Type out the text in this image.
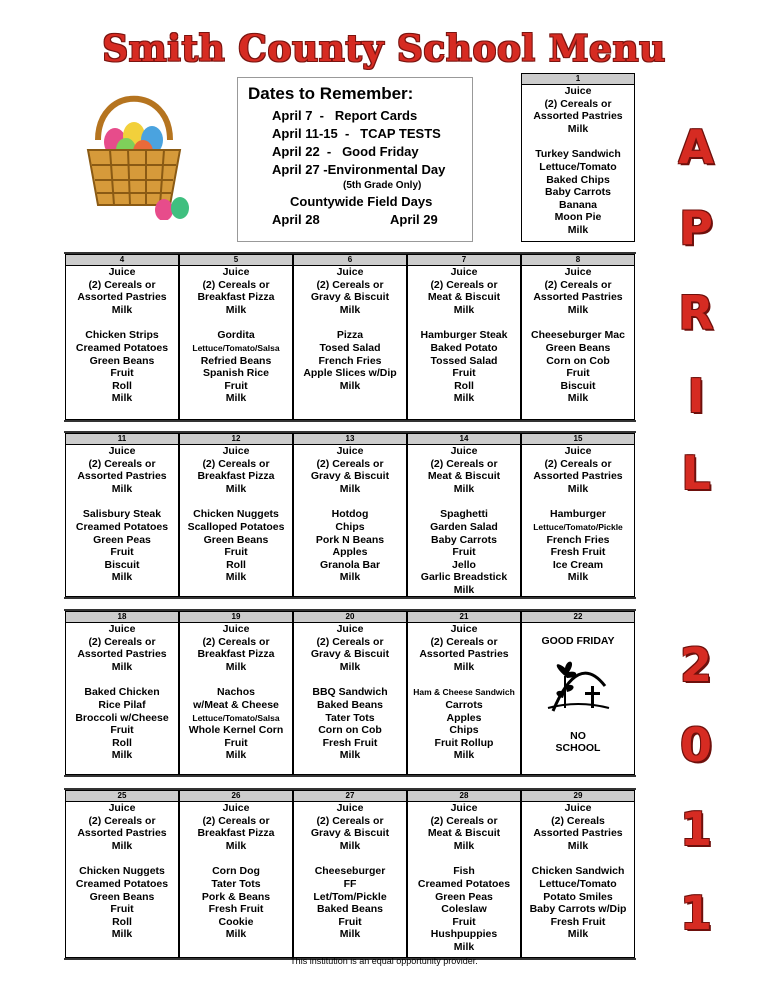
Smith County School Menu
Dates to Remember:
April 7  -   Report Cards
April 11-15  -   TCAP TESTS
April 22  -   Good Friday
April 27 -Environmental Day
(5th Grade Only)
Countywide Field Days
April 28	April 29
A
P
R
I
L
2
0
1
1
1
Juice
(2) Cereals or
Assorted Pastries
Milk
Turkey Sandwich
Lettuce/Tomato
Baked Chips
Baby Carrots
Banana
Moon Pie
Milk
4
Juice
(2) Cereals or
Assorted Pastries
Milk
Chicken Strips
Creamed Potatoes
Green Beans
Fruit
Roll
Milk
5
Juice
(2) Cereals or
Breakfast Pizza
Milk
Gordita
Lettuce/Tomato/Salsa
Refried Beans
Spanish Rice
Fruit
Milk
6
Juice
(2) Cereals or
Gravy & Biscuit
Milk
Pizza
Tosed Salad
French Fries
Apple Slices w/Dip
Milk
7
Juice
(2) Cereals or
Meat & Biscuit
Milk
Hamburger Steak
Baked Potato
Tossed Salad
Fruit
Roll
Milk
8
Juice
(2) Cereals or
Assorted Pastries
Milk
Cheeseburger Mac
Green Beans
Corn on Cob
Fruit
Biscuit
Milk
11
Juice
(2) Cereals or
Assorted Pastries
Milk
Salisbury Steak
Creamed Potatoes
Green Peas
Fruit
Biscuit
Milk
12
Juice
(2) Cereals or
Breakfast Pizza
Milk
Chicken Nuggets
Scalloped Potatoes
Green Beans
Fruit
Roll
Milk
13
Juice
(2) Cereals or
Gravy & Biscuit
Milk
Hotdog
Chips
Pork N Beans
Apples
Granola Bar
Milk
14
Juice
(2) Cereals or
Meat & Biscuit
Milk
Spaghetti
Garden Salad
Baby Carrots
Fruit
Jello
Garlic Breadstick
Milk
15
Juice
(2) Cereals or
Assorted Pastries
Milk
Hamburger
Lettuce/Tomato/Pickle
French Fries
Fresh Fruit
Ice Cream
Milk
18
Juice
(2) Cereals or
Assorted Pastries
Milk
Baked Chicken
Rice Pilaf
Broccoli w/Cheese
Fruit
Roll
Milk
19
Juice
(2) Cereals or
Breakfast Pizza
Milk
Nachos
w/Meat & Cheese
Lettuce/Tomato/Salsa
Whole Kernel Corn
Fruit
Milk
20
Juice
(2) Cereals or
Gravy & Biscuit
Milk
BBQ Sandwich
Baked Beans
Tater Tots
Corn on Cob
Fresh Fruit
Milk
21
Juice
(2) Cereals or
Assorted Pastries
Milk
Ham & Cheese Sandwich
Carrots
Apples
Chips
Fruit Rollup
Milk
22
GOOD FRIDAY
NO
SCHOOL
25
Juice
(2) Cereals or
Assorted Pastries
Milk
Chicken Nuggets
Creamed Potatoes
Green Beans
Fruit
Roll
Milk
26
Juice
(2) Cereals or
Breakfast Pizza
Milk
Corn Dog
Tater Tots
Pork & Beans
Fresh Fruit
Cookie
Milk
27
Juice
(2) Cereals or
Gravy & Biscuit
Milk
Cheeseburger
FF
Let/Tom/Pickle
Baked Beans
Fruit
Milk
28
Juice
(2) Cereals or
Meat & Biscuit
Milk
Fish
Creamed Potatoes
Green Peas
Coleslaw
Fruit
Hushpuppies
Milk
29
Juice
(2) Cereals
Assorted Pastries
Milk
Chicken Sandwich
Lettuce/Tomato
Potato Smiles
Baby Carrots w/Dip
Fresh Fruit
Milk
This institution is an equal opportunity provider.
